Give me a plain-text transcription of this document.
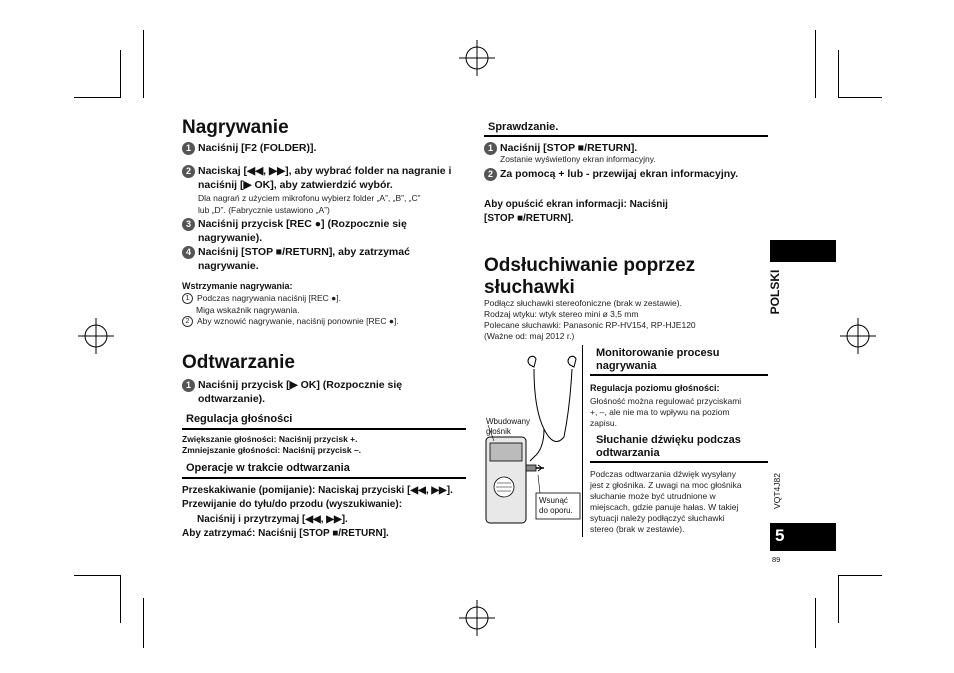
Nagrywanie
1 Naciśnij [F2 (FOLDER)].
2 Naciskaj [◀◀, ▶▶], aby wybrać folder na nagranie i
naciśnij [▶ OK], aby zatwierdzić wybór.
Dla nagrań z użyciem mikrofonu wybierz folder „A”, „B”, „C”
lub „D”. (Fabrycznie ustawiono „A”)
3 Naciśnij przycisk [REC ●] (Rozpocznie się
nagrywanie).
4 Naciśnij [STOP ■/RETURN], aby zatrzymać
nagrywanie.
Wstrzymanie nagrywania:
1 Podczas nagrywania naciśnij [REC ●].
Miga wskaźnik nagrywania.
2 Aby wznowić nagrywanie, naciśnij ponownie [REC ●].
Odtwarzanie
1 Naciśnij przycisk [▶ OK] (Rozpocznie się
odtwarzanie).
Regulacja głośności
Zwiększanie głośności: Naciśnij przycisk +.
Zmniejszanie głośności: Naciśnij przycisk –.
Operacje w trakcie odtwarzania
Przeskakiwanie (pomijanie): Naciskaj przyciski [◀◀, ▶▶].
Przewijanie do tyłu/do przodu (wyszukiwanie):
Naciśnij i przytrzymaj [◀◀, ▶▶].
Aby zatrzymać: Naciśnij [STOP ■/RETURN].
Sprawdzanie.
1 Naciśnij [STOP ■/RETURN].
Zostanie wyświetlony ekran informacyjny.
2 Za pomocą + lub - przewijaj ekran informacyjny.
Aby opuścić ekran informacji: Naciśnij
[STOP ■/RETURN].
Odsłuchiwanie poprzez
słuchawki
Podłącz słuchawki stereofoniczne (brak w zestawie).
Rodzaj wtyku: wtyk stereo mini ø 3,5 mm
Polecane słuchawki: Panasonic RP-HV154, RP-HJE120
(Ważne od: maj 2012 r.)
Wbudowany
głośnik
Wsunąć
do oporu.
Monitorowanie procesu
nagrywania
Regulacja poziomu głośności:
Głośność można regulować przyciskami
+, –, ale nie ma to wpływu na poziom
zapisu.
Słuchanie dźwięku podczas
odtwarzania
Podczas odtwarzania dźwięk wysyłany
jest z głośnika. Z uwagi na moc głośnika
słuchanie może być utrudnione w
miejscach, gdzie panuje hałas. W takiej
sytuacji należy podłączyć słuchawki
stereo (brak w zestawie).
POLSKI
VQT4J82
5
89
